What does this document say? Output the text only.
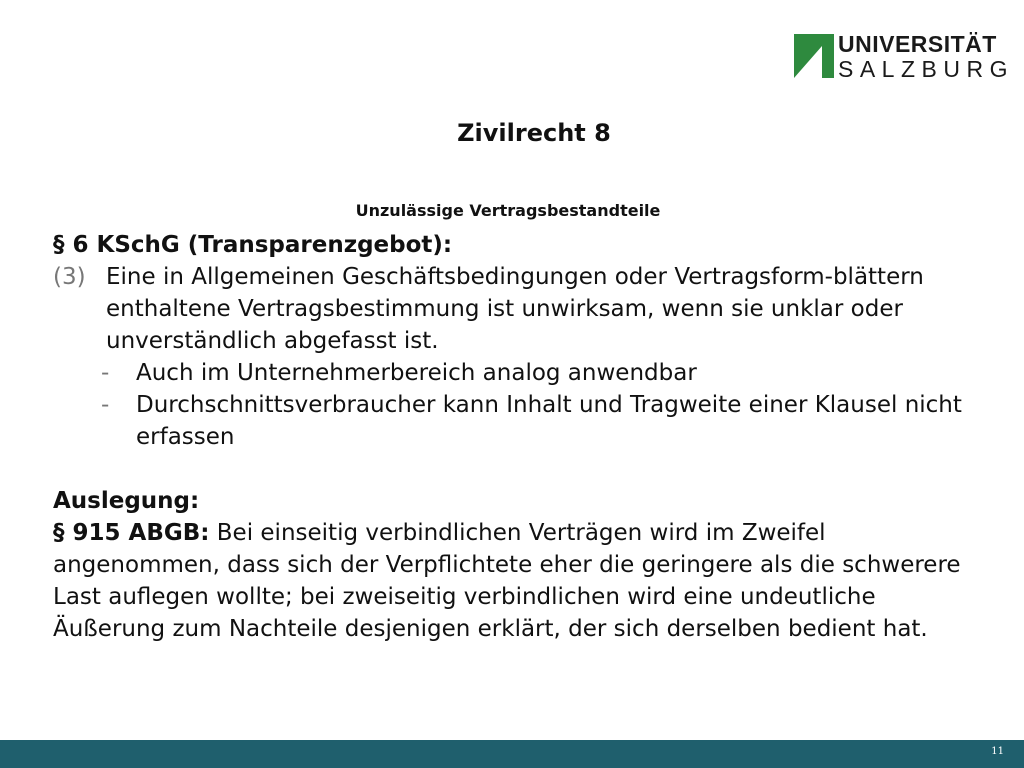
UNIVERSITÄT
SALZBURG
Zivilrecht 8
Unzulässige Vertragsbestandteile

§ 6 KSchG (Transparenzgebot):

(3) Eine in Allgemeinen Geschäftsbedingungen oder Vertragsform-blättern enthaltene Vertragsbestimmung ist unwirksam, wenn sie unklar oder unverständlich abgefasst ist.

- Auch im Unternehmerbereich analog anwendbar

- Durchschnittsverbraucher kann Inhalt und Tragweite einer Klausel nicht erfassen

Auslegung:

§ 915 ABGB: Bei einseitig verbindlichen Verträgen wird im Zweifel angenommen, dass sich der Verpflichtete eher die geringere als die schwerere Last auflegen wollte; bei zweiseitig verbindlichen wird eine undeutliche Äußerung zum Nachteile desjenigen erklärt, der sich derselben bedient hat.

11
